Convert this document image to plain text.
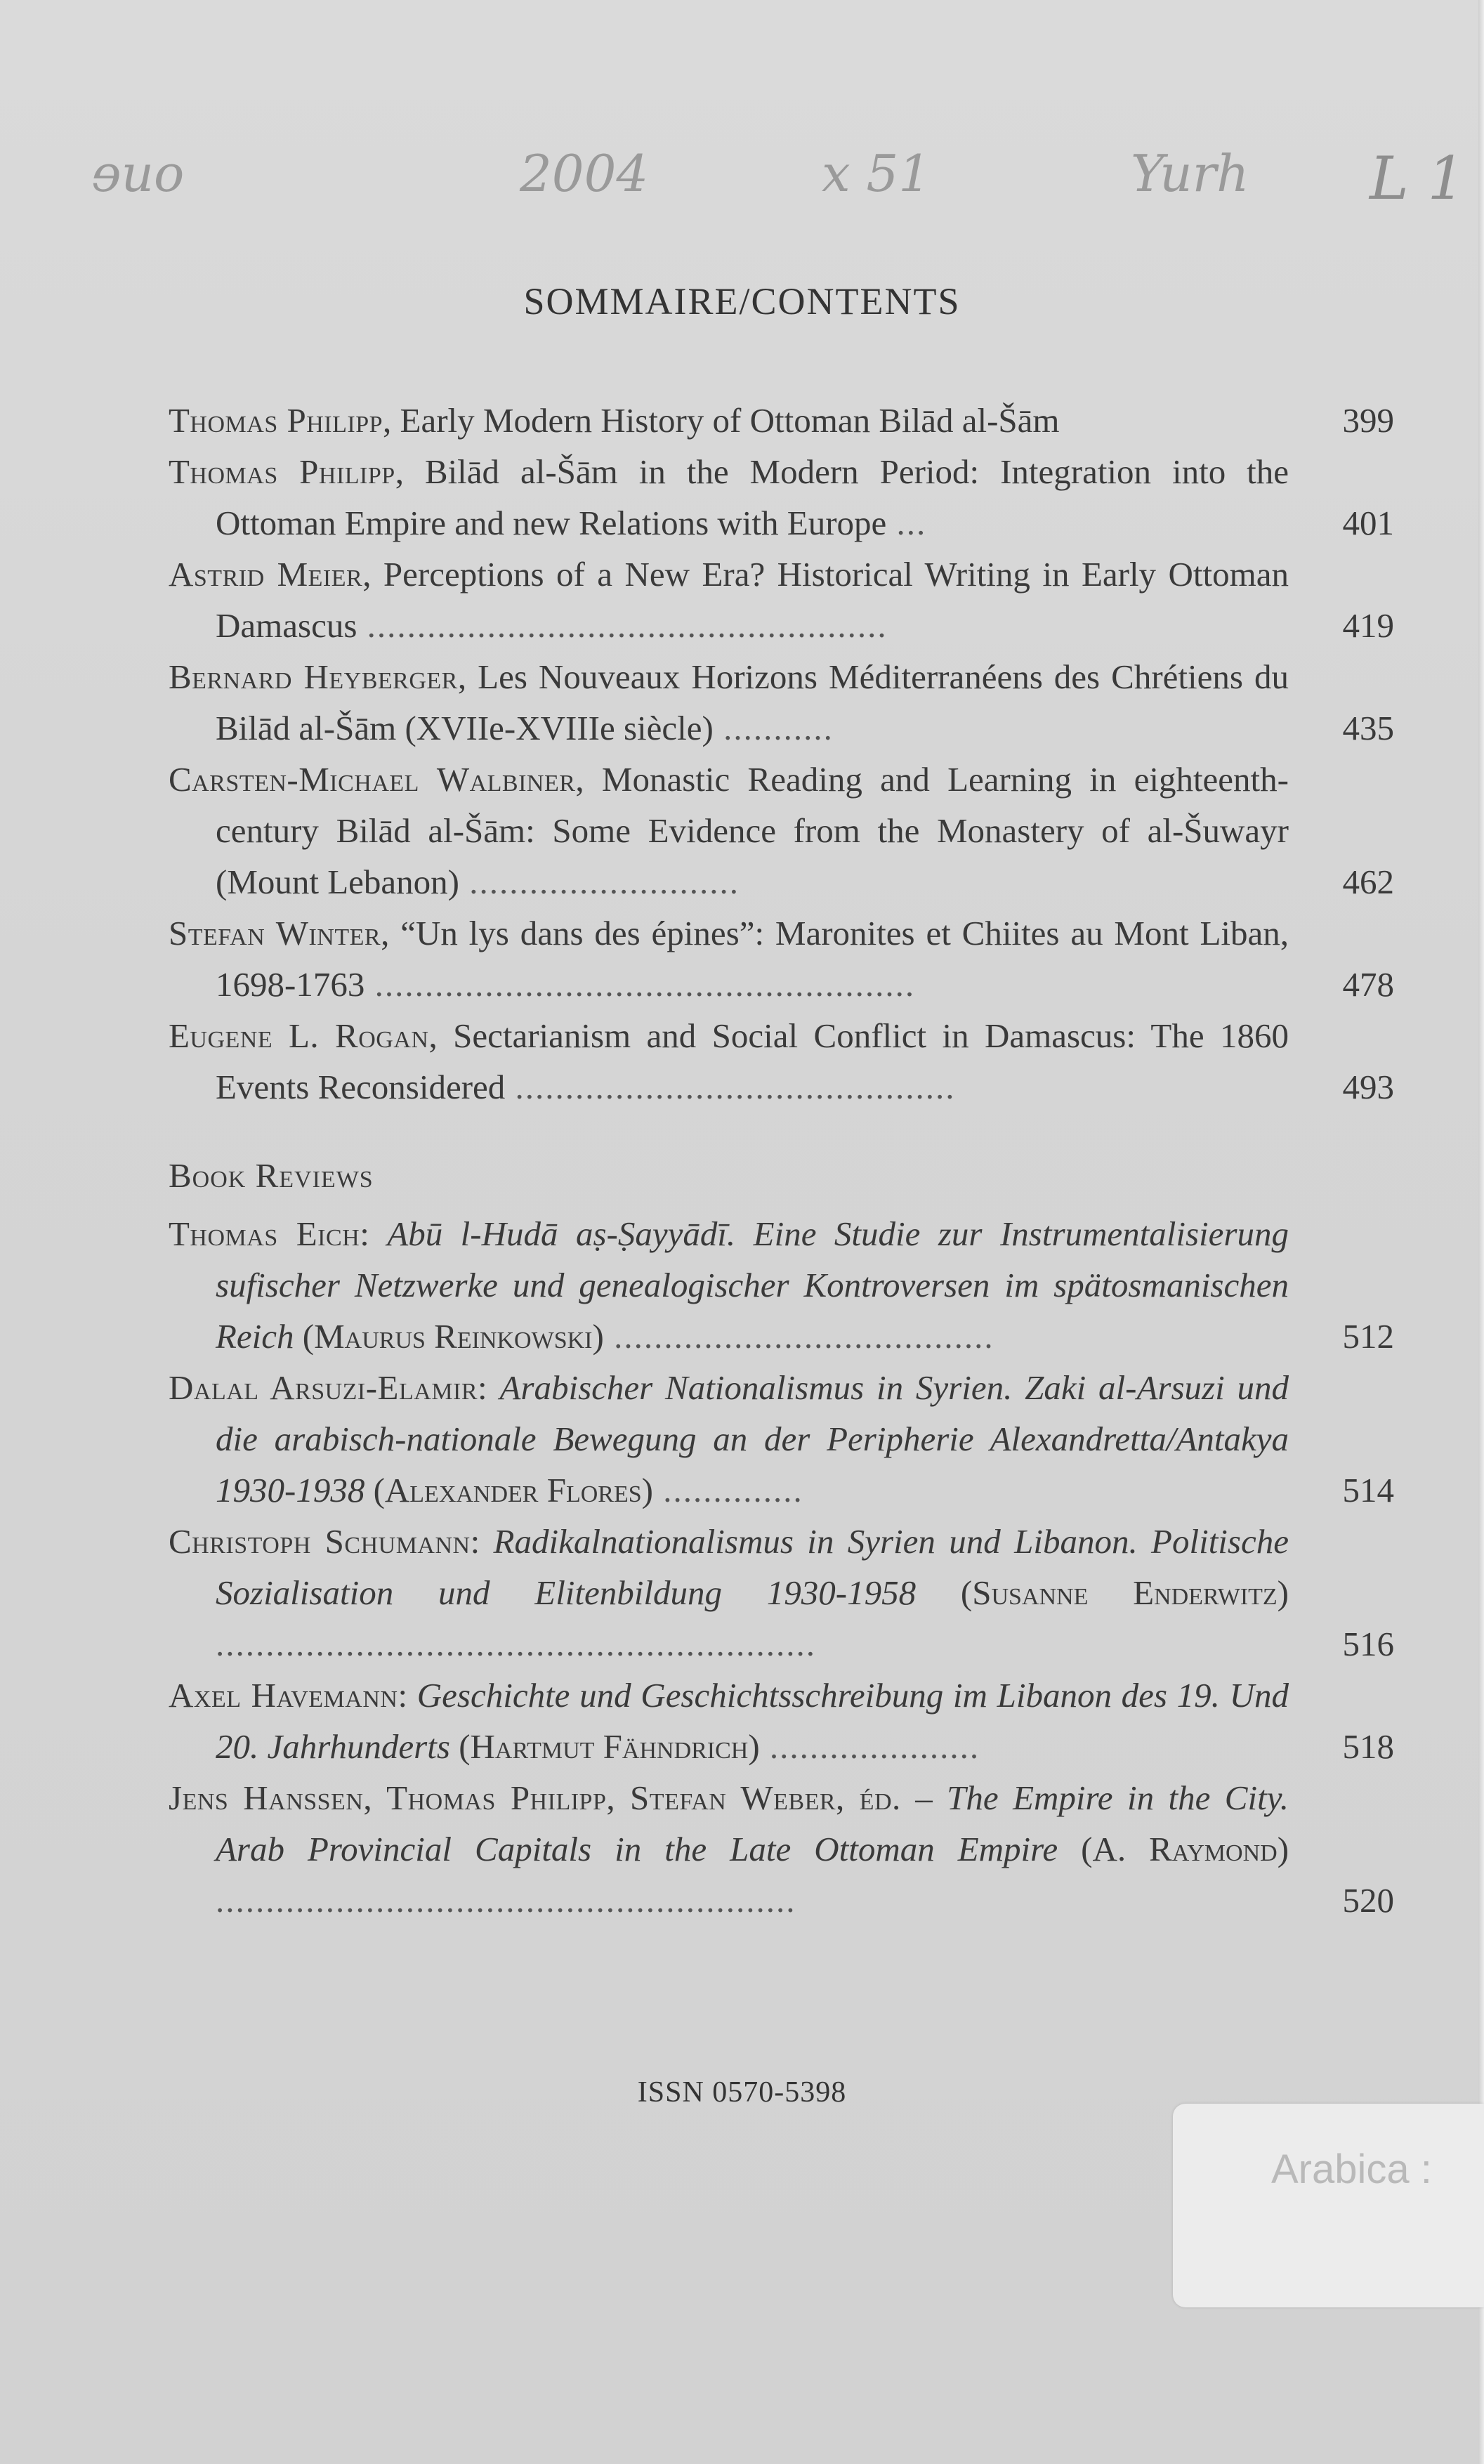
ɘuo	2004	x 51	Yurh L 1
SOMMAIRE/CONTENTS
Thomas Philipp, Early Modern History of Ottoman Bilād al-Šām	399
Thomas Philipp, Bilād al-Šām in the Modern Period: Integration into the Ottoman Empire and new Relations with Europe ...	401
Astrid Meier, Perceptions of a New Era? Historical Writing in Early Ottoman Damascus ....................................................	419
Bernard Heyberger, Les Nouveaux Horizons Méditerranéens des Chrétiens du Bilād al-Šām (XVIIe-XVIIIe siècle) ...........	435
Carsten-Michael Walbiner, Monastic Reading and Learning in eighteenth-century Bilād al-Šām: Some Evidence from the Monastery of al-Šuwayr (Mount Lebanon) ...........................	462
Stefan Winter, “Un lys dans des épines”: Maronites et Chiites au Mont Liban, 1698-1763 ......................................................	478
Eugene L. Rogan, Sectarianism and Social Conflict in Damascus: The 1860 Events Reconsidered ............................................	493
Book Reviews
Thomas Eich: Abū l-Hudā aṣ-Ṣayyādī. Eine Studie zur Instrumentalisierung sufischer Netzwerke und genealogischer Kontroversen im spätosmanischen Reich (Maurus Reinkowski) ......................................	512
Dalal Arsuzi-Elamir: Arabischer Nationalismus in Syrien. Zaki al-Arsuzi und die arabisch-nationale Bewegung an der Peripherie Alexandretta/Antakya 1930-1938 (Alexander Flores) ..............	514
Christoph Schumann: Radikalnationalismus in Syrien und Libanon. Politische Sozialisation und Elitenbildung 1930-1958 (Susanne Enderwitz) ............................................................	516
Axel Havemann: Geschichte und Geschichtsschreibung im Libanon des 19. Und 20. Jahrhunderts (Hartmut Fähndrich) .....................	518
Jens Hanssen, Thomas Philipp, Stefan Weber, éd. – The Empire in the City. Arab Provincial Capitals in the Late Ottoman Empire (A. Raymond) ..........................................................	520
ISSN 0570-5398
Arabica :
